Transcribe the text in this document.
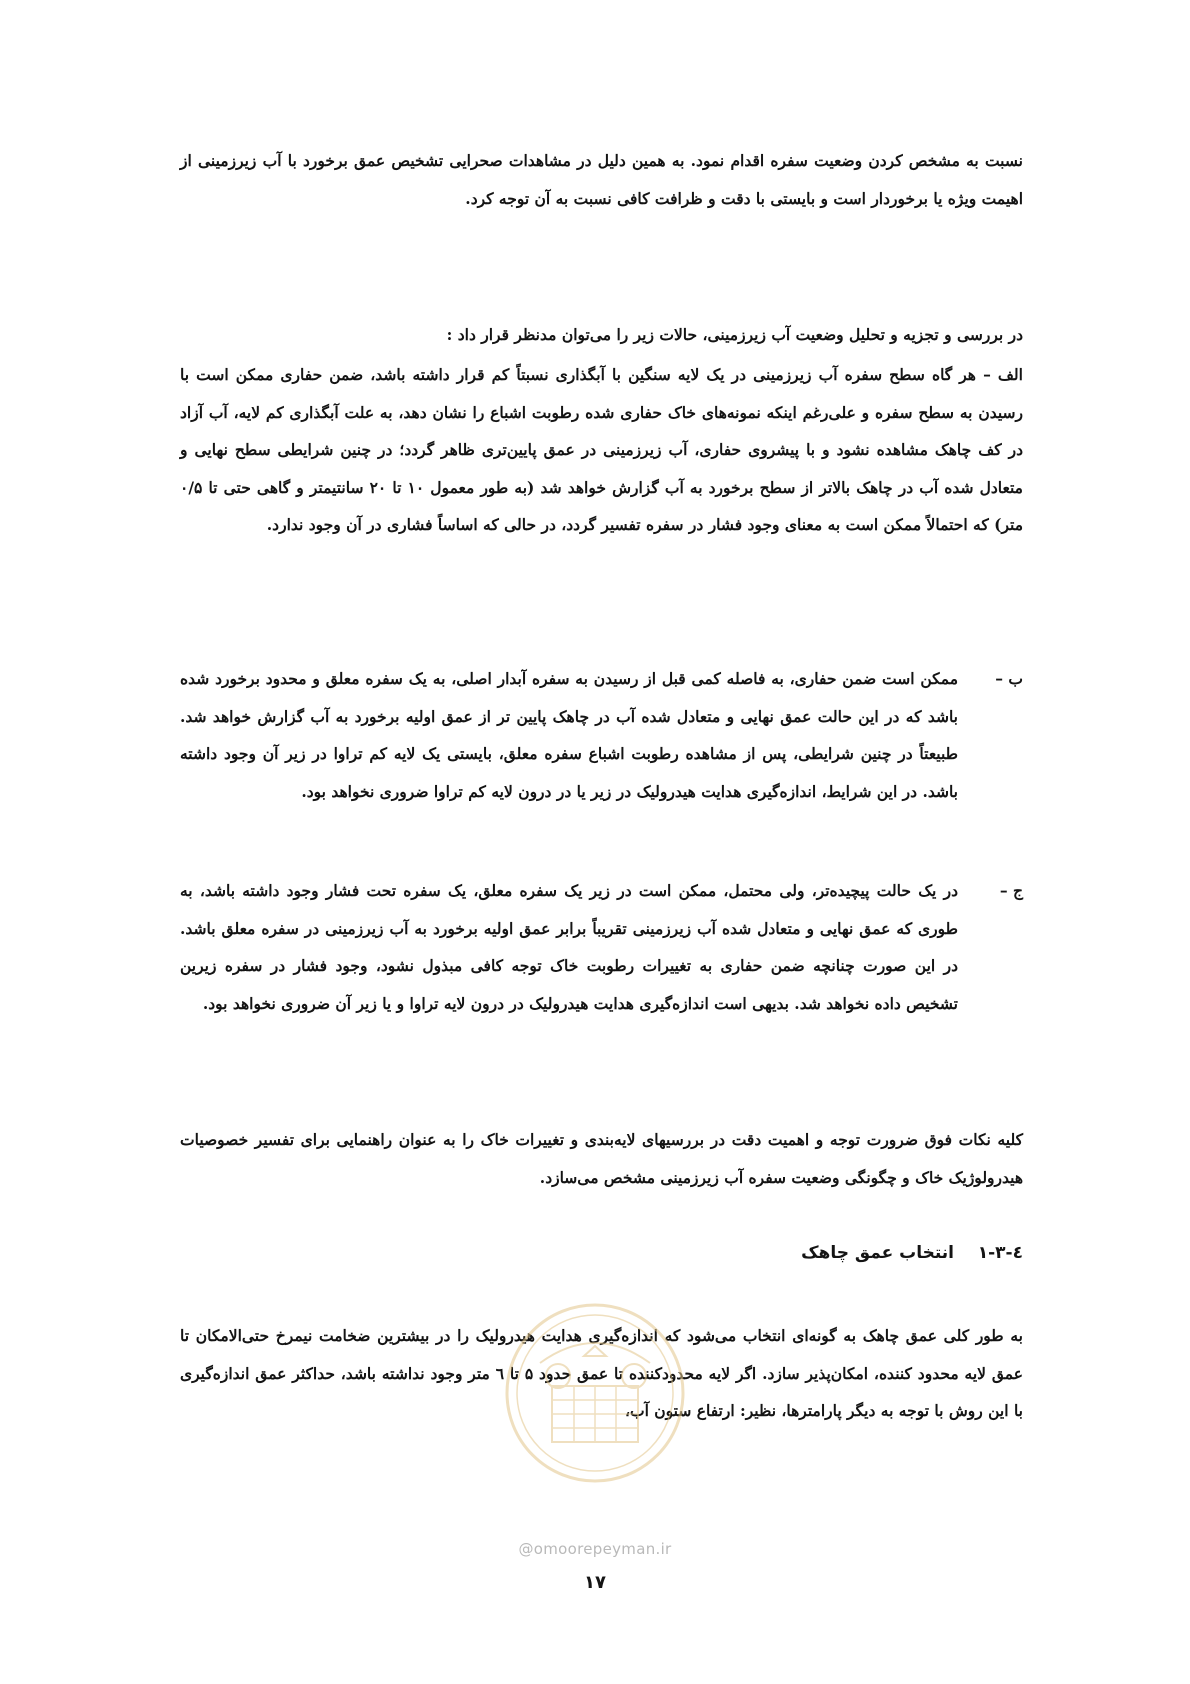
نسبت به مشخص کردن وضعیت سفره اقدام نمود. به همین دلیل در مشاهدات صحرایی تشخیص عمق برخورد با آب زیرزمینی از اهیمت ویژه یا برخوردار است و بایستی با دقت و ظرافت کافی نسبت به آن توجه کرد.

در بررسی و تجزیه و تحلیل وضعیت آب زیرزمینی، حالات زیر را می‌توان مدنظر قرار داد :

الف – هر گاه سطح سفره آب زیرزمینی در یک لایه سنگین با آبگذاری نسبتاً کم قرار داشته باشد، ضمن حفاری ممکن است با رسیدن به سطح سفره و علی‌رغم اینکه نمونه‌های خاک حفاری شده رطوبت اشباع را نشان دهد، به علت آبگذاری کم لایه، آب آزاد در کف چاهک مشاهده نشود و با پیشروی حفاری، آب زیرزمینی در عمق پایین‌تری ظاهر گردد؛ در چنین شرایطی سطح نهایی و متعادل شده آب در چاهک بالاتر از سطح برخورد به آب گزارش خواهد شد (به طور معمول ۱۰ تا ۲۰ سانتیمتر و گاهی حتی تا ۰/۵ متر) که احتمالاً ممکن است به معنای وجود فشار در سفره تفسیر گردد، در حالی که اساساً فشاری در آن وجود ندارد.
ب –
ممکن است ضمن حفاری، به فاصله کمی قبل از رسیدن به سفره آبدار اصلی، به یک سفره معلق و محدود برخورد شده باشد که در این حالت عمق نهایی و متعادل شده آب در چاهک پایین تر از عمق اولیه برخورد به آب گزارش خواهد شد. طبیعتاً در چنین شرایطی، پس از مشاهده رطوبت اشباع سفره معلق، بایستی یک لایه کم تراوا در زیر آن وجود داشته باشد. در این شرایط، اندازه‌گیری هدایت هیدرولیک در زیر یا در درون لایه کم تراوا ضروری نخواهد بود.
ج –
در یک حالت پیچیده‌تر، ولی محتمل، ممکن است در زیر یک سفره معلق، یک سفره تحت فشار وجود داشته باشد، به طوری که عمق نهایی و متعادل شده آب زیرزمینی تقریباً برابر عمق اولیه برخورد به آب زیرزمینی در سفره معلق باشد. در این صورت چنانچه ضمن حفاری به تغییرات رطوبت خاک توجه کافی مبذول نشود، وجود فشار در سفره زیرین تشخیص داده نخواهد شد. بدیهی است اندازه‌گیری هدایت هیدرولیک در درون لایه تراوا و یا زیر آن ضروری نخواهد بود.

کلیه نکات فوق ضرورت توجه و اهمیت دقت در بررسیهای لایه‌بندی و تغییرات خاک را به عنوان راهنمایی برای تفسیر خصوصیات هیدرولوژیک خاک و چگونگی وضعیت سفره آب زیرزمینی مشخص می‌سازد.

٤-٣-١    انتخاب عمق چاهک

به طور کلی عمق چاهک به گونه‌ای انتخاب می‌شود که اندازه‌گیری هدایت هیدرولیک را در بیشترین ضخامت نیمرخ حتی‌الامکان تا عمق لایه محدود کننده، امکان‌پذیر سازد. اگر لایه محدودکننده تا عمق حدود ۵ تا ٦ متر وجود نداشته باشد، حداکثر عمق اندازه‌گیری با این روش با توجه به دیگر پارامترها، نظیر: ارتفاع ستون آب،

@omoorepeyman.ir
۱۷
